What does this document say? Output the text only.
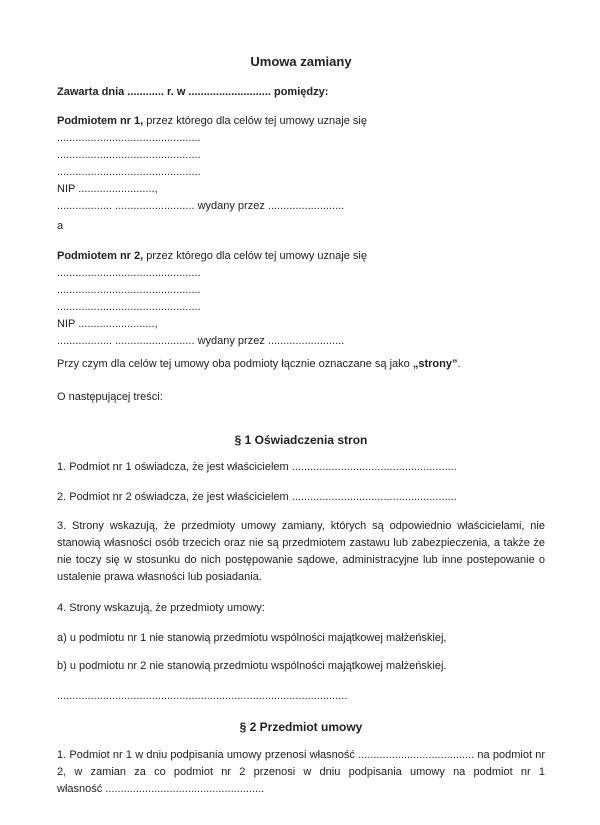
Umowa zamiany

Zawarta dnia ............ r. w ........................... pomiędzy:

Podmiotem nr 1, przez którego dla celów tej umowy uznaje się

...............................................

...............................................

...............................................

NIP .........................,

.................. .......................... wydany przez .........................

a

Podmiotem nr 2, przez którego dla celów tej umowy uznaje się

...............................................

...............................................

...............................................

NIP .........................,

.................. .......................... wydany przez .........................

Przy czym dla celów tej umowy oba podmioty łącznie oznaczane są jako „strony”.

O następującej treści:

§ 1 Oświadczenia stron

1. Podmiot nr 1 oświadcza, że jest właścicielem ......................................................

2. Podmiot nr 2 oświadcza, że jest właścicielem ......................................................

3. Strony wskazują, że przedmioty umowy zamiany, których są odpowiednio właścicielami, nie stanowią własności osób trzecich oraz nie są przedmiotem zastawu lub zabezpieczenia, a także że nie toczy się w stosunku do nich postępowanie sądowe, administracyjne lub inne postepowanie o ustalenie prawa własności lub posiadania.

4. Strony wskazują, że przedmioty umowy:

a) u podmiotu nr 1 nie stanowią przedmiotu wspólności majątkowej małżeńskiej,

b) u podmiotu nr 2 nie stanowią przedmiotu wspólności majątkowej małżeńskiej.

...............................................................................................

§ 2 Przedmiot umowy

1. Podmiot nr 1 w dniu podpisania umowy przenosi własność ...................................... na podmiot nr 2, w zamian za co podmiot nr 2 przenosi w dniu podpisania umowy na podmiot nr 1 własność ....................................................
